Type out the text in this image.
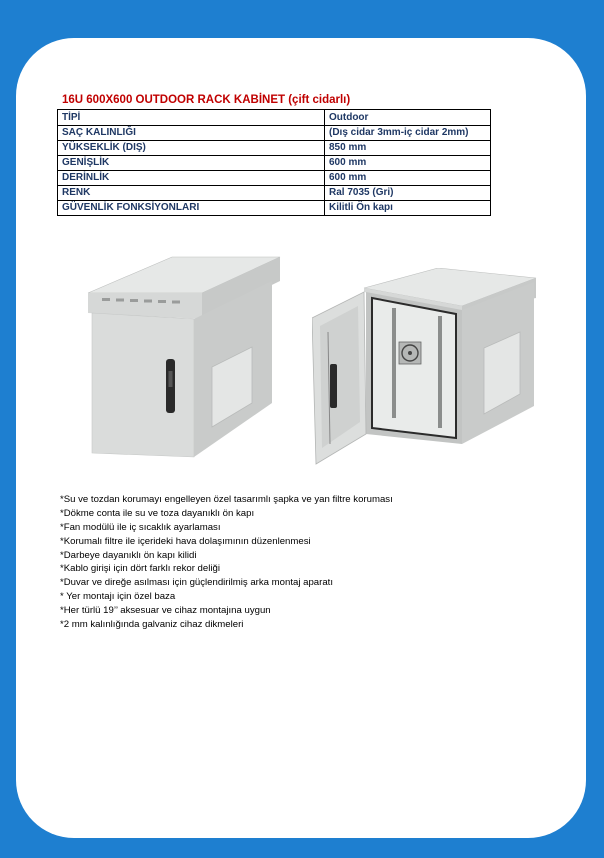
16U 600X600 OUTDOOR RACK KABİNET (çift cidarlı)
TİPİ	Outdoor
SAÇ KALINLIĞI	(Dış cidar 3mm-iç cidar 2mm)
YÜKSEKLİK (DIŞ)	850 mm
GENİŞLİK	600 mm
DERİNLİK	600 mm
RENK	Ral 7035 (Gri)
GÜVENLİK FONKSİYONLARI	Kilitli Ön kapı
*Su ve tozdan korumayı engelleyen özel tasarımlı şapka ve yan filtre koruması
*Dökme conta ile su ve toza dayanıklı ön kapı
*Fan modülü ile iç sıcaklık ayarlaması
*Korumalı filtre ile içerideki hava dolaşımının düzenlenmesi
*Darbeye dayanıklı ön kapı kilidi
*Kablo girişi için dört farklı rekor deliği
*Duvar ve direğe asılması için güçlendirilmiş arka montaj aparatı
* Yer montajı için özel baza
*Her türlü 19’’ aksesuar ve cihaz montajına uygun
*2 mm kalınlığında galvaniz cihaz dikmeleri
